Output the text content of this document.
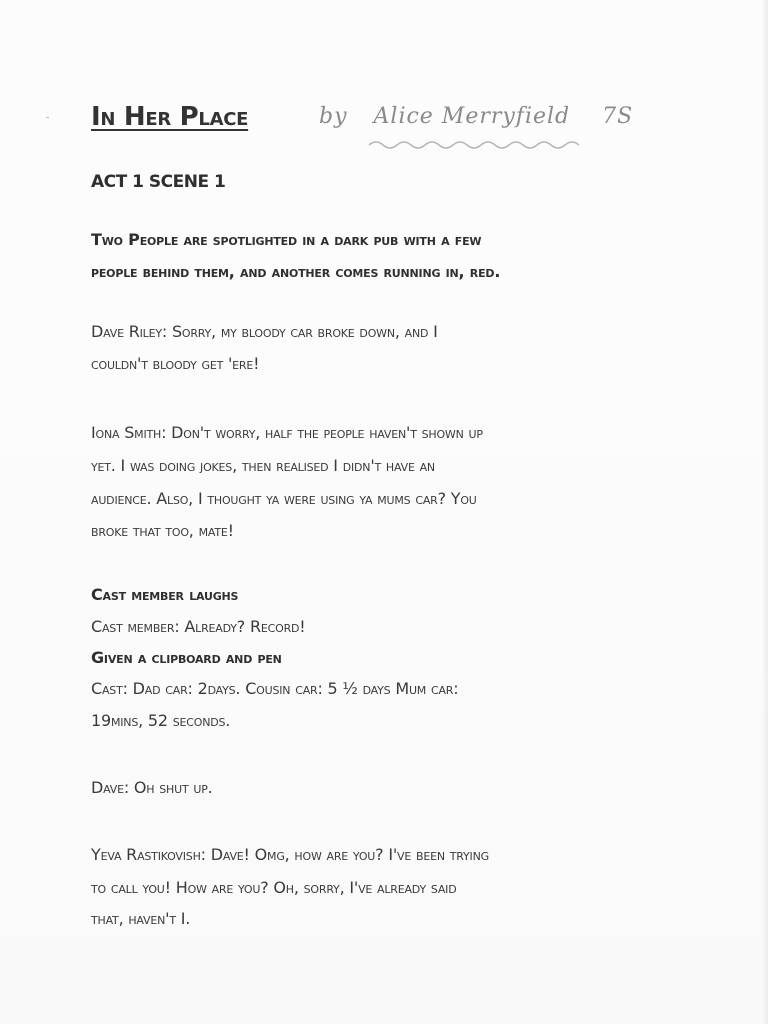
In Her Place	by Alice Merryfield 7S
ACT 1 SCENE 1
Two People are spotlighted in a dark pub with a few
people behind them, and another comes running in, red.
Dave Riley: Sorry, my bloody car broke down, and I
couldn't bloody get 'ere!
Iona Smith: Don't worry, half the people haven't shown up
yet. I was doing jokes, then realised I didn't have an
audience. Also, I thought ya were using ya mums car? You
broke that too, mate!
Cast member laughs
Cast member: Already? Record!
Given a clipboard and pen
Cast: Dad car: 2days. Cousin car: 5 ½ days Mum car:
19mins, 52 seconds.
Dave: Oh shut up.
Yeva Rastikovish: Dave! Omg, how are you? I've been trying
to call you! How are you? Oh, sorry, I've already said
that, haven't I.
